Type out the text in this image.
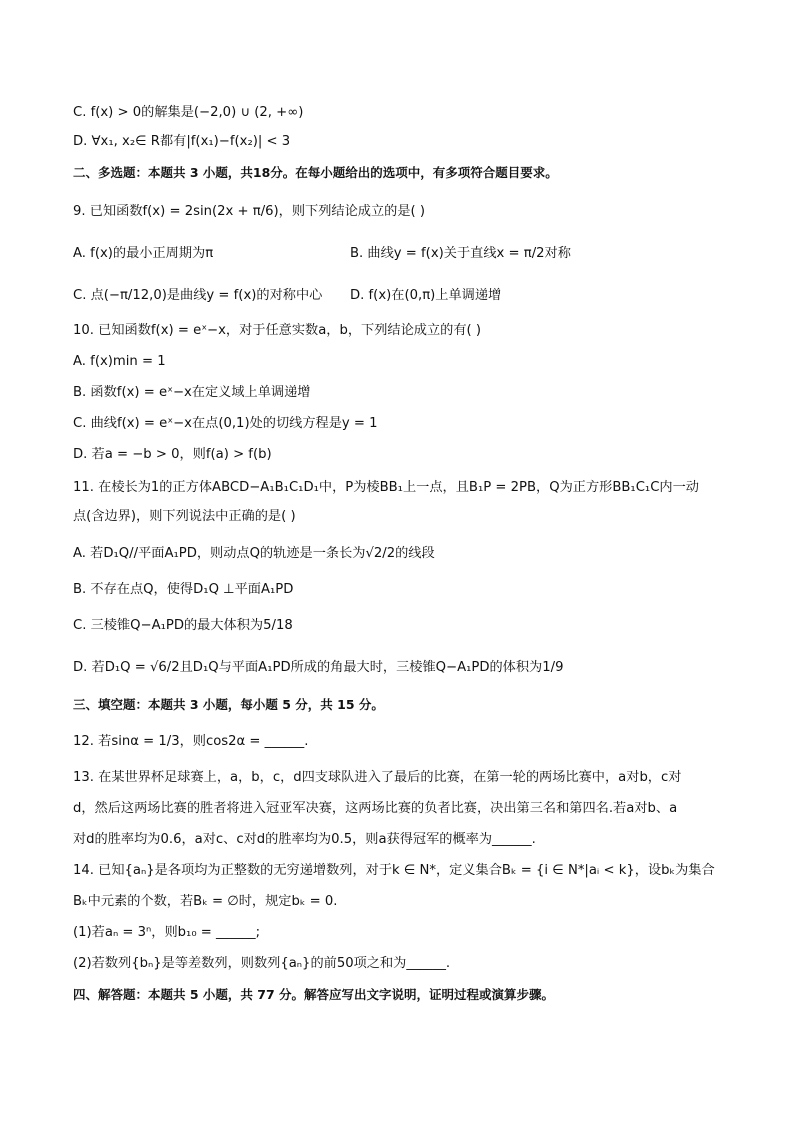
C. f(x) > 0的解集是(−2,0) ∪ (2, +∞)
D. ∀x₁, x₂∈ R都有|f(x₁)−f(x₂)| < 3
二、多选题：本题共 3 小题，共18分。在每小题给出的选项中，有多项符合题目要求。
9. 已知函数f(x) = 2sin(2x + π/6)，则下列结论成立的是( )
A. f(x)的最小正周期为π	B. 曲线y = f(x)关于直线x = π/2对称
C. 点(−π/12,0)是曲线y = f(x)的对称中心	D. f(x)在(0,π)上单调递增
10. 已知函数f(x) = eˣ−x，对于任意实数a，b，下列结论成立的有( )
A. f(x)min = 1
B. 函数f(x) = eˣ−x在定义域上单调递增
C. 曲线f(x) = eˣ−x在点(0,1)处的切线方程是y = 1
D. 若a = −b > 0，则f(a) > f(b)
11. 在棱长为1的正方体ABCD−A₁B₁C₁D₁中，P为棱BB₁上一点，且B₁P = 2PB，Q为正方形BB₁C₁C内一动
点(含边界)，则下列说法中正确的是( )
A. 若D₁Q//平面A₁PD，则动点Q的轨迹是一条长为√2/2的线段
B. 不存在点Q，使得D₁Q ⊥平面A₁PD
C. 三棱锥Q−A₁PD的最大体积为5/18
D. 若D₁Q = √6/2且D₁Q与平面A₁PD所成的角最大时，三棱锥Q−A₁PD的体积为1/9
三、填空题：本题共 3 小题，每小题 5 分，共 15 分。
12. 若sinα = 1/3，则cos2α = ______.
13. 在某世界杯足球赛上，a，b，c，d四支球队进入了最后的比赛，在第一轮的两场比赛中，a对b，c对
d，然后这两场比赛的胜者将进入冠亚军决赛，这两场比赛的负者比赛，决出第三名和第四名.若a对b、a
对d的胜率均为0.6，a对c、c对d的胜率均为0.5，则a获得冠军的概率为______.
14. 已知{aₙ}是各项均为正整数的无穷递增数列，对于k ∈ N*，定义集合Bₖ = {i ∈ N*|aᵢ < k}，设bₖ为集合
Bₖ中元素的个数，若Bₖ = ∅时，规定bₖ = 0.
(1)若aₙ = 3ⁿ，则b₁₀ = ______;
(2)若数列{bₙ}是等差数列，则数列{aₙ}的前50项之和为______.
四、解答题：本题共 5 小题，共 77 分。解答应写出文字说明，证明过程或演算步骤。
